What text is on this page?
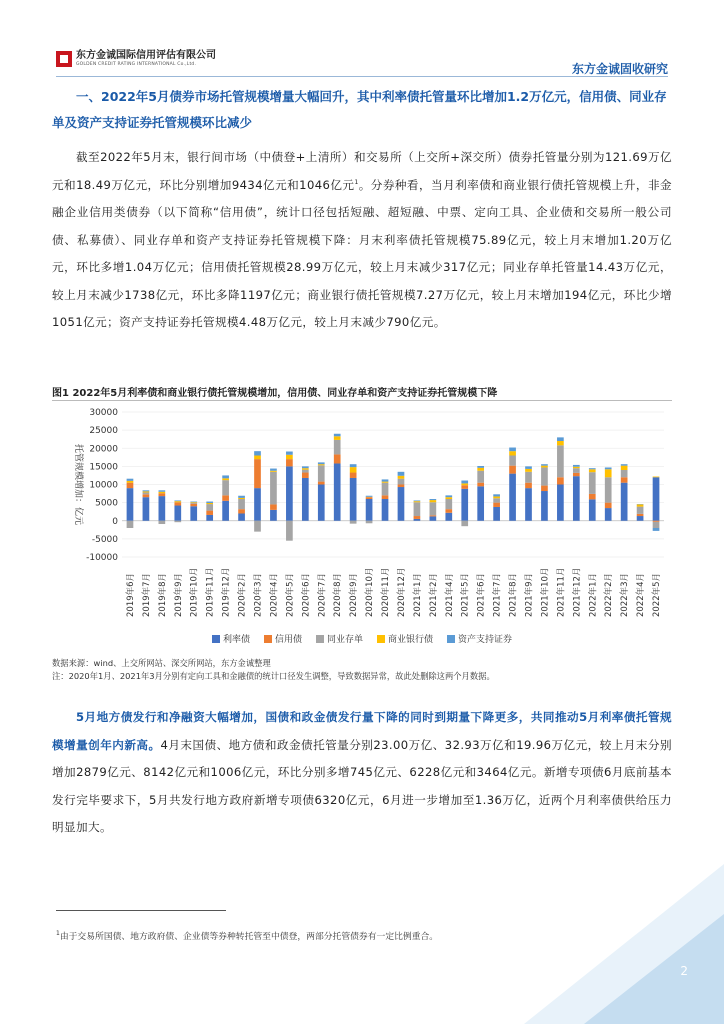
东方金诚国际信用评估有限公司
GOLDEN CREDIT RATING INTERNATIONAL Co.,Ltd.	东方金诚固收研究
一、2022年5月债券市场托管规模增量大幅回升，其中利率债托管量环比增加1.2万亿元，信用债、同业存单及资产支持证券托管规模环比减少
截至2022年5月末，银行间市场（中债登+上清所）和交易所（上交所+深交所）债券托管量分别为121.69万亿元和18.49万亿元，环比分别增加9434亿元和1046亿元$^1$。分券种看，当月利率债和商业银行债托管规模上升，非金融企业信用类债券（以下简称“信用债”，统计口径包括短融、超短融、中票、定向工具、企业债和交易所一般公司债、私募债）、同业存单和资产支持证券托管规模下降：月末利率债托管规模75.89亿元，较上月末增加1.20万亿元，环比多增1.04万亿元；信用债托管规模28.99万亿元，较上月末减少317亿元；同业存单托管量14.43万亿元，较上月末减少1738亿元，环比多降1197亿元；商业银行债托管规模7.27万亿元，较上月末增加194亿元，环比少增1051亿元；资产支持证券托管规模4.48万亿元，较上月末减少790亿元。
图1 2022年5月利率债和商业银行债托管规模增加，信用债、同业存单和资产支持证券托管规模下降
-10000
-5000
0
5000
10000
15000
20000
25000
30000
2019年6月 2019年7月 2019年8月 2019年9月 2019年10月 2019年11月 2019年12月 2020年2月 2020年3月 2020年4月 2020年5月 2020年6月 2020年7月 2020年8月 2020年9月 2020年10月 2020年11月 2020年12月 2021年1月 2021年2月 2021年4月 2021年5月 2021年6月 2021年7月 2021年8月 2021年9月 2021年10月 2021年11月 2021年12月 2022年1月 2022年2月 2022年3月 2022年4月 2022年5月
托管规模增加：亿元
利率债	信用债	同业存单	商业银行债	资产支持证券
数据来源：wind、上交所网站、深交所网站，东方金诚整理
注：2020年1月、2021年3月分别有定向工具和金融债的统计口径发生调整，导致数据异常，故此处删除这两个月数据。
5月地方债发行和净融资大幅增加，国债和政金债发行量下降的同时到期量下降更多，共同推动5月利率债托管规模增量创年内新高。4月末国债、地方债和政金债托管量分别23.00万亿、32.93万亿和19.96万亿元，较上月末分别增加2879亿元、8142亿元和1006亿元，环比分别多增745亿元、6228亿元和3464亿元。新增专项债6月底前基本发行完毕要求下，5月共发行地方政府新增专项债6320亿元，6月进一步增加至1.36万亿，近两个月利率债供给压力明显加大。
$^1$由于交易所国债、地方政府债、企业债等券种转托管至中债登，两部分托管债券有一定比例重合。
2
